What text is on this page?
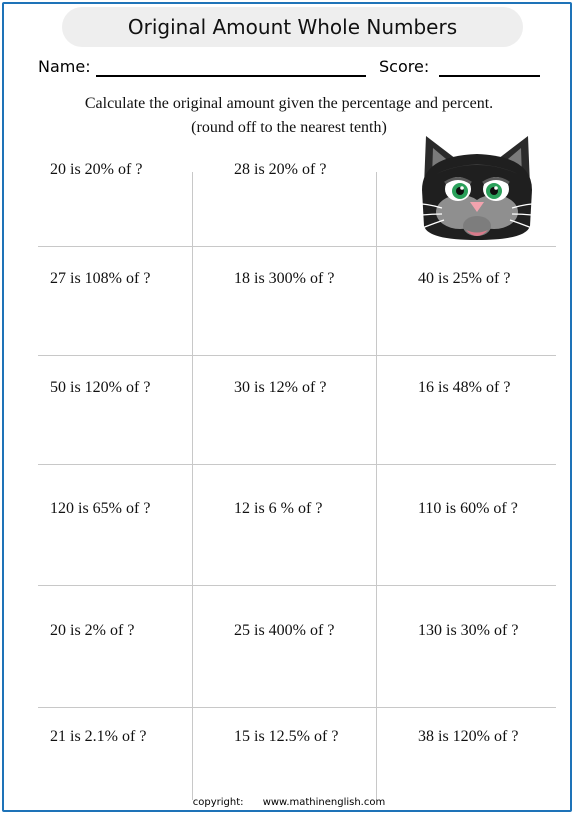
Original Amount Whole Numbers
Name:	Score:
Calculate the original amount given the percentage and percent.
(round off to the nearest tenth)
20 is 20% of ?	28 is 20% of ?
27 is 108% of ?	18 is 300% of ?	40 is 25% of ?
50 is 120% of ?	30 is 12% of ?	16 is 48% of ?
120 is 65% of ?	12 is 6 % of ?	110 is 60% of ?
20 is 2% of ?	25 is 400% of ?	130 is 30% of ?
21 is 2.1% of ?	15 is 12.5% of ?	38 is 120% of ?
copyright: www.mathinenglish.com
